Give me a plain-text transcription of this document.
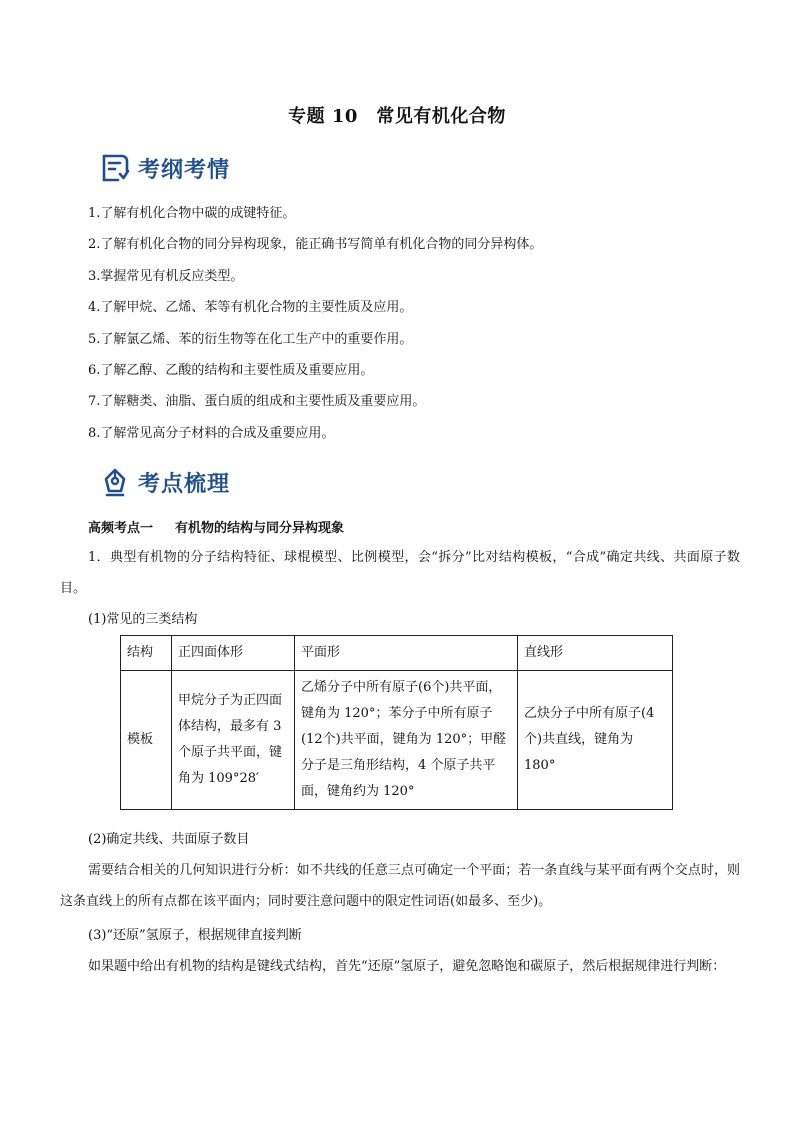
专题 10　常见有机化合物
考纲考情
1.了解有机化合物中碳的成键特征。
2.了解有机化合物的同分异构现象，能正确书写简单有机化合物的同分异构体。
3.掌握常见有机反应类型。
4.了解甲烷、乙烯、苯等有机化合物的主要性质及应用。
5.了解氯乙烯、苯的衍生物等在化工生产中的重要作用。
6.了解乙醇、乙酸的结构和主要性质及重要应用。
7.了解糖类、油脂、蛋白质的组成和主要性质及重要应用。
8.了解常见高分子材料的合成及重要应用。
考点梳理
高频考点一 有机物的结构与同分异构现象

1．典型有机物的分子结构特征、球棍模型、比例模型，会“拆分”比对结构模板，“合成”确定共线、共面原子数目。

(1)常见的三类结构
结构	正四面体形	平面形	直线形
模板	甲烷分子为正四面体结构，最多有 3 个原子共平面，键角为 109°28′	乙烯分子中所有原子(6个)共平面，键角为 120°；苯分子中所有原子(12个)共平面，键角为 120°；甲醛分子是三角形结构，4 个原子共平面，键角约为 120°	乙炔分子中所有原子(4个)共直线，键角为 180°
(2)确定共线、共面原子数目

需要结合相关的几何知识进行分析：如不共线的任意三点可确定一个平面；若一条直线与某平面有两个交点时，则这条直线上的所有点都在该平面内；同时要注意问题中的限定性词语(如最多、至少)。

(3)“还原”氢原子，根据规律直接判断

如果题中给出有机物的结构是键线式结构，首先“还原”氢原子，避免忽略饱和碳原子，然后根据规律进行判断：
